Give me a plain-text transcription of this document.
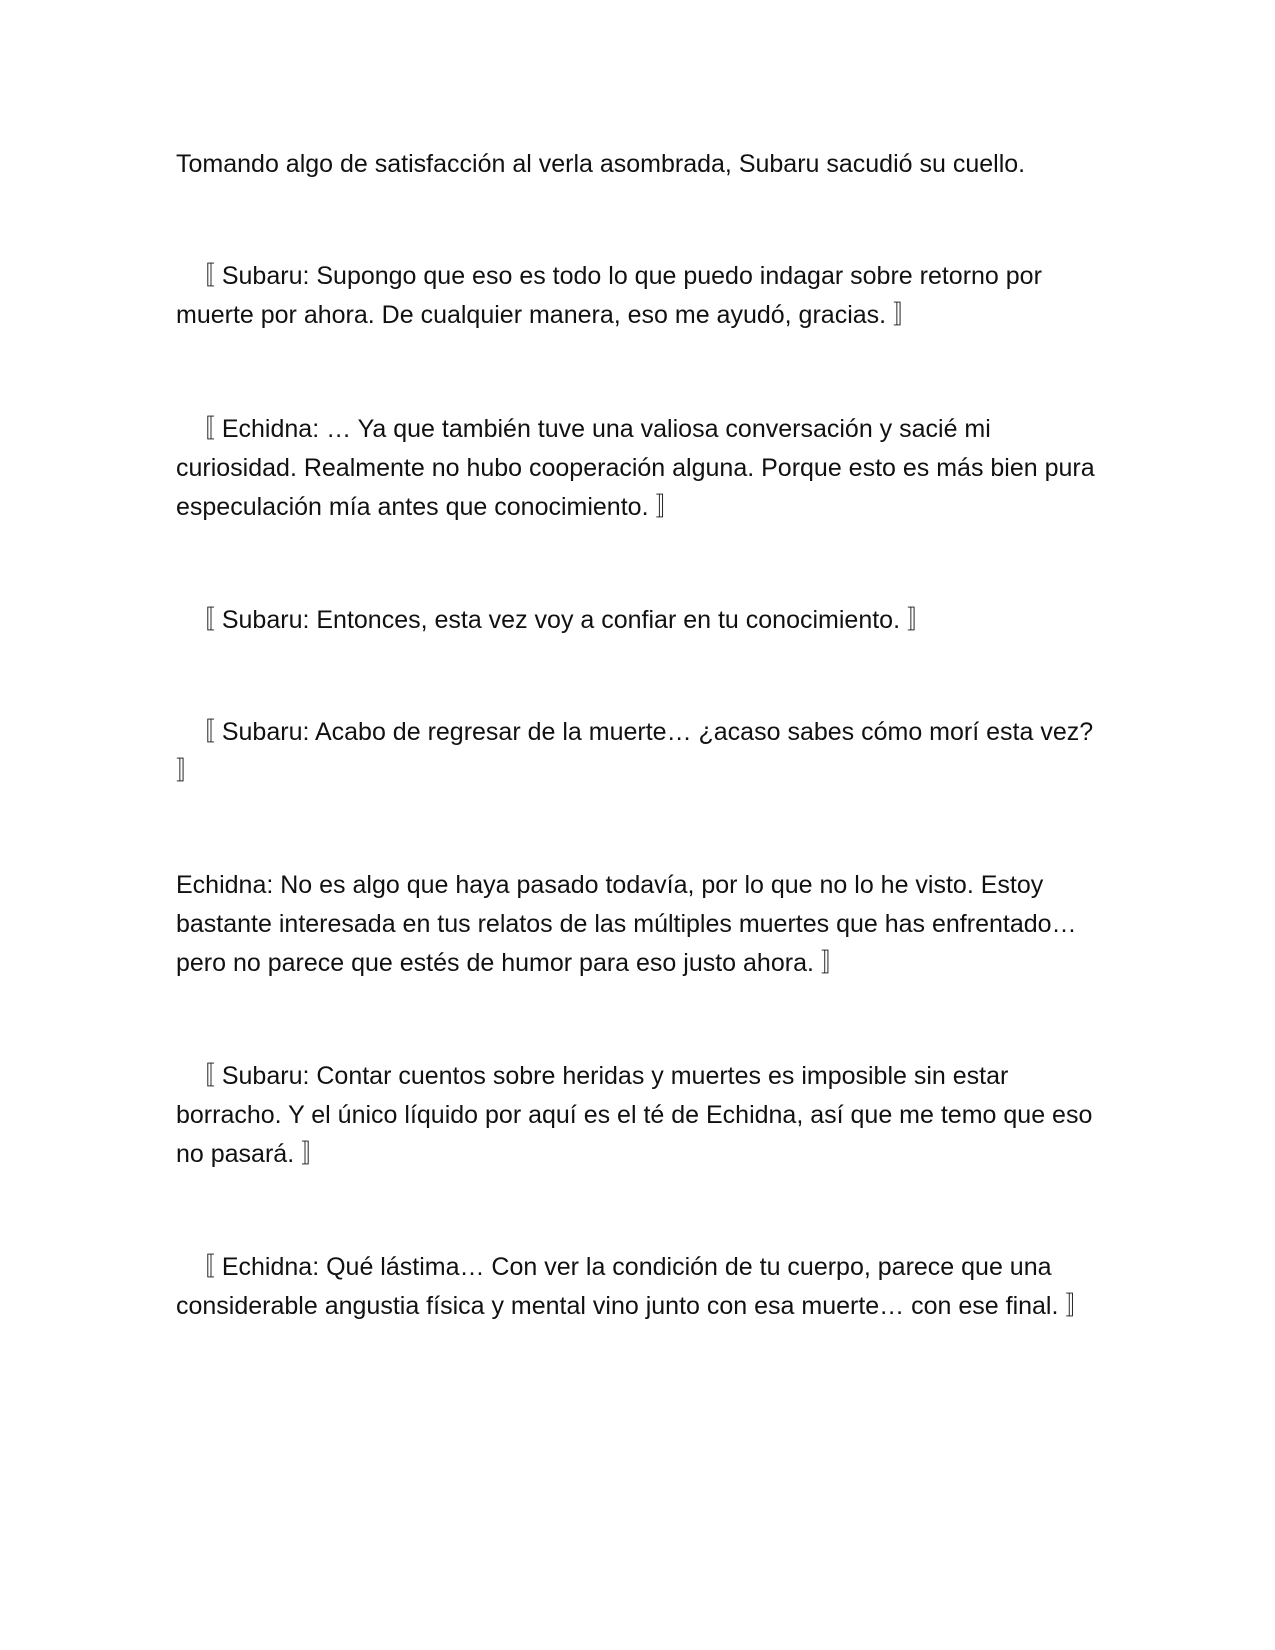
Tomando algo de satisfacción al verla asombrada, Subaru sacudió su cuello.

〚 Subaru: Supongo que eso es todo lo que puedo indagar sobre retorno por muerte por ahora. De cualquier manera, eso me ayudó, gracias. 〛

〚 Echidna: … Ya que también tuve una valiosa conversación y sacié mi curiosidad. Realmente no hubo cooperación alguna. Porque esto es más bien pura especulación mía antes que conocimiento. 〛

〚 Subaru: Entonces, esta vez voy a confiar en tu conocimiento. 〛

〚 Subaru: Acabo de regresar de la muerte… ¿acaso sabes cómo morí esta vez? 〛

Echidna: No es algo que haya pasado todavía, por lo que no lo he visto. Estoy bastante interesada en tus relatos de las múltiples muertes que has enfrentado… pero no parece que estés de humor para eso justo ahora. 〛

〚 Subaru: Contar cuentos sobre heridas y muertes es imposible sin estar borracho. Y el único líquido por aquí es el té de Echidna, así que me temo que eso no pasará. 〛

〚 Echidna: Qué lástima… Con ver la condición de tu cuerpo, parece que una considerable angustia física y mental vino junto con esa muerte… con ese final. 〛
